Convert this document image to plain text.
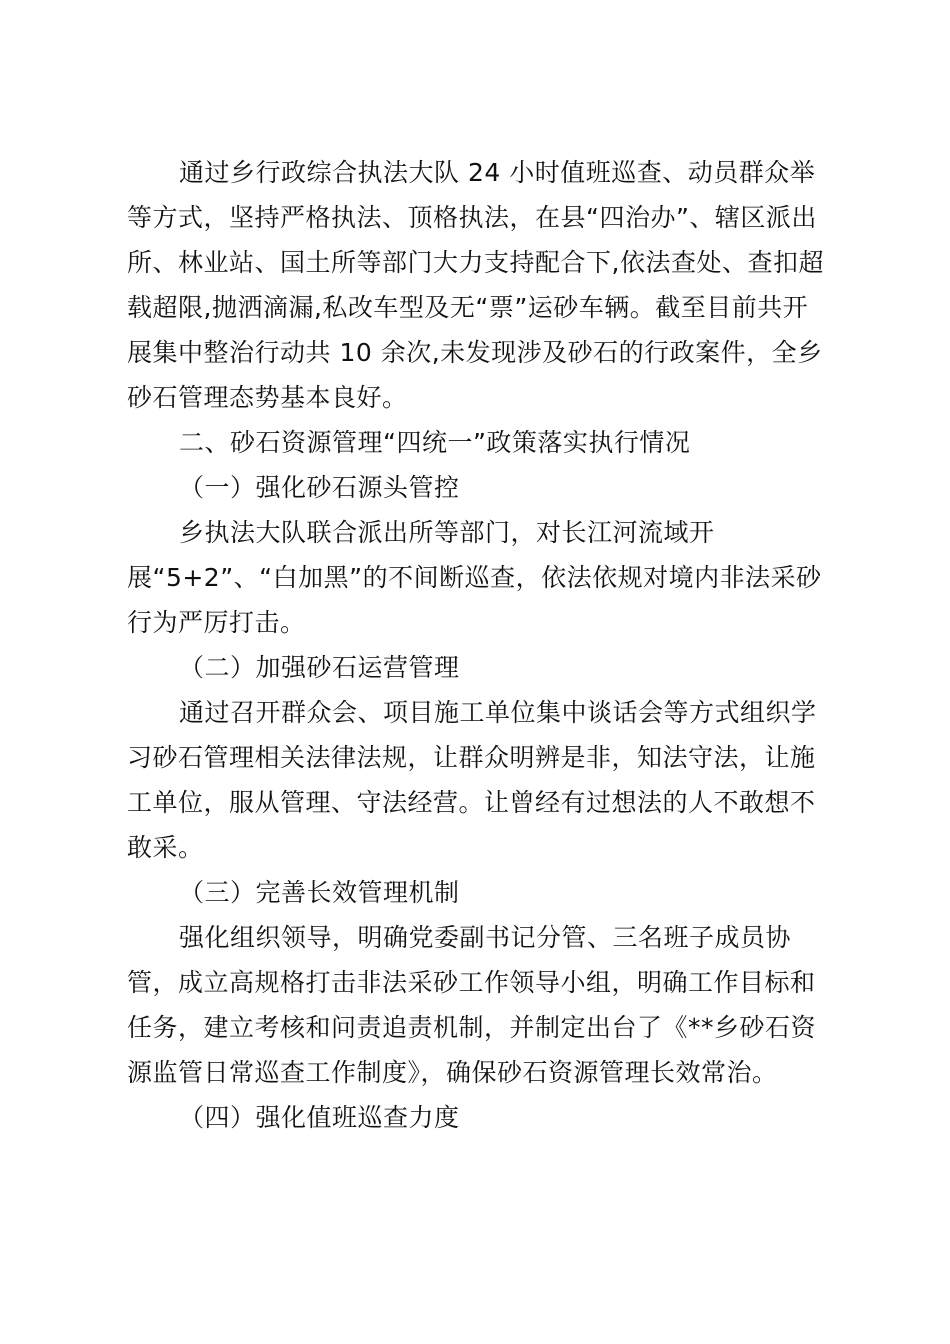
通过乡行政综合执法大队 24 小时值班巡查、动员群众举
等方式，坚持严格执法、顶格执法，在县“四治办”、辖区派出
所、林业站、国土所等部门大力支持配合下,依法查处、查扣超
载超限,抛洒滴漏,私改车型及无“票”运砂车辆。截至目前共开
展集中整治行动共 10 余次,未发现涉及砂石的行政案件，全乡
砂石管理态势基本良好。
二、砂石资源管理“四统一”政策落实执行情况
（一）强化砂石源头管控
乡执法大队联合派出所等部门，对长江河流域开
展“5+2”、“白加黑”的不间断巡查，依法依规对境内非法采砂
行为严厉打击。
（二）加强砂石运营管理
通过召开群众会、项目施工单位集中谈话会等方式组织学
习砂石管理相关法律法规，让群众明辨是非，知法守法，让施
工单位，服从管理、守法经营。让曾经有过想法的人不敢想不
敢采。
（三）完善长效管理机制
强化组织领导，明确党委副书记分管、三名班子成员协
管，成立高规格打击非法采砂工作领导小组，明确工作目标和
任务，建立考核和问责追责机制，并制定出台了《**乡砂石资
源监管日常巡查工作制度》，确保砂石资源管理长效常治。
（四）强化值班巡查力度
